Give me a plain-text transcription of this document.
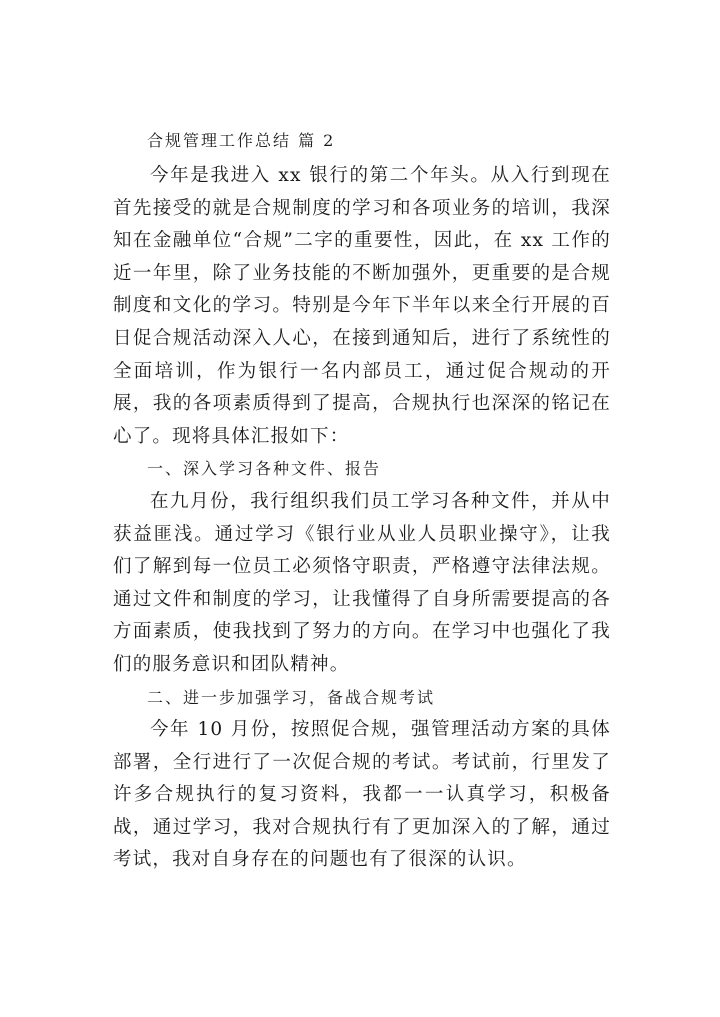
合规管理工作总结 篇 2

今年是我进入 xx 银行的第二个年头。从入行到现在首先接受的就是合规制度的学习和各项业务的培训，我深知在金融单位“合规”二字的重要性，因此，在 xx 工作的近一年里，除了业务技能的不断加强外，更重要的是合规制度和文化的学习。特别是今年下半年以来全行开展的百日促合规活动深入人心，在接到通知后，进行了系统性的全面培训，作为银行一名内部员工，通过促合规动的开展，我的各项素质得到了提高，合规执行也深深的铭记在心了。现将具体汇报如下：

一、深入学习各种文件、报告

在九月份，我行组织我们员工学习各种文件，并从中获益匪浅。通过学习《银行业从业人员职业操守》，让我们了解到每一位员工必须恪守职责，严格遵守法律法规。通过文件和制度的学习，让我懂得了自身所需要提高的各方面素质，使我找到了努力的方向。在学习中也强化了我们的服务意识和团队精神。

二、进一步加强学习，备战合规考试

今年 10 月份，按照促合规，强管理活动方案的具体部署，全行进行了一次促合规的考试。考试前，行里发了许多合规执行的复习资料，我都一一认真学习，积极备战，通过学习，我对合规执行有了更加深入的了解，通过考试，我对自身存在的问题也有了很深的认识。
